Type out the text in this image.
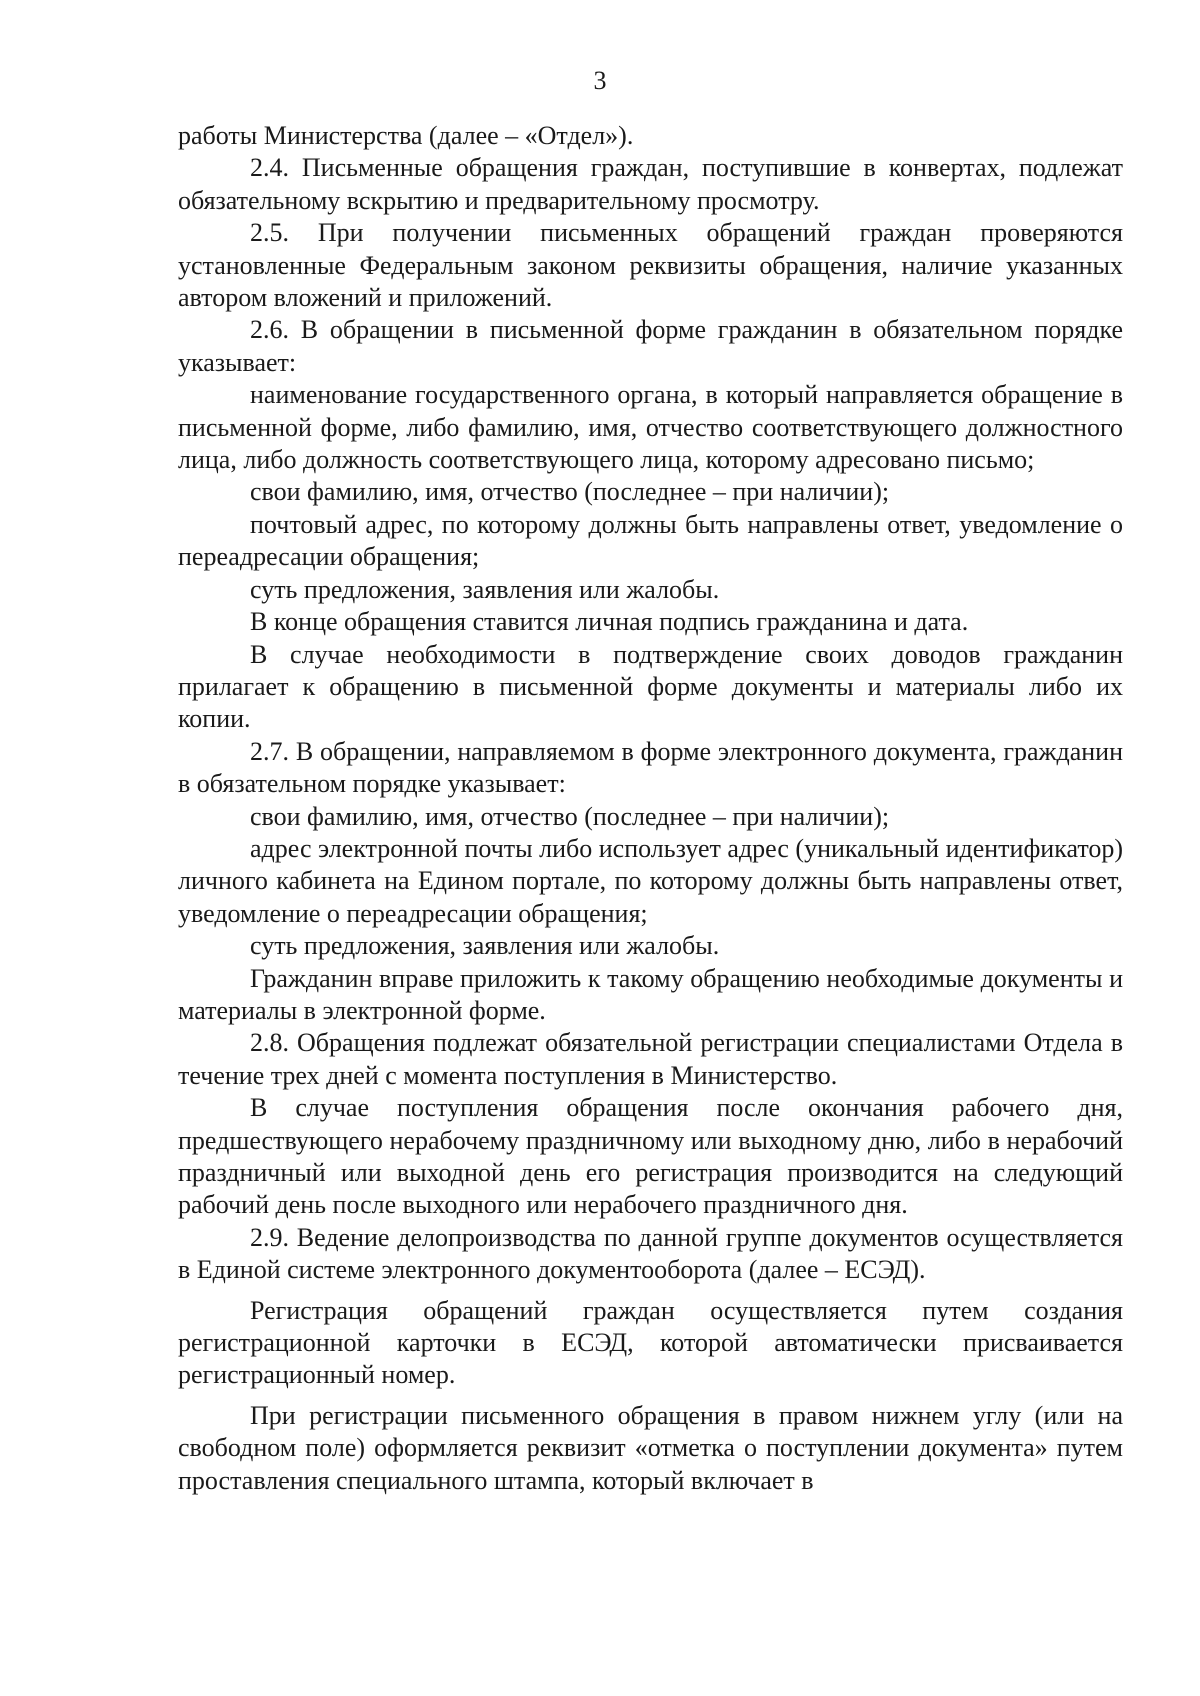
3

работы Министерства (далее – «Отдел»).

2.4. Письменные обращения граждан, поступившие в конвертах, подлежат обязательному вскрытию и предварительному просмотру.

2.5. При получении письменных обращений граждан проверяются установленные Федеральным законом реквизиты обращения, наличие указанных автором вложений и приложений.

2.6. В обращении в письменной форме гражданин в обязательном порядке указывает:

наименование государственного органа, в который направляется обращение в письменной форме, либо фамилию, имя, отчество соответствующего должностного лица, либо должность соответствующего лица, которому адресовано письмо;

свои фамилию, имя, отчество (последнее – при наличии);

почтовый адрес, по которому должны быть направлены ответ, уведомление о переадресации обращения;

суть предложения, заявления или жалобы.

В конце обращения ставится личная подпись гражданина и дата.

В случае необходимости в подтверждение своих доводов гражданин прилагает к обращению в письменной форме документы и материалы либо их копии.

2.7. В обращении, направляемом в форме электронного документа, гражданин в обязательном порядке указывает:

свои фамилию, имя, отчество (последнее – при наличии);

адрес электронной почты либо использует адрес (уникальный идентификатор) личного кабинета на Едином портале, по которому должны быть направлены ответ, уведомление о переадресации обращения;

суть предложения, заявления или жалобы.

Гражданин вправе приложить к такому обращению необходимые документы и материалы в электронной форме.

2.8. Обращения подлежат обязательной регистрации специалистами Отдела в течение трех дней с момента поступления в Министерство.

В случае поступления обращения после окончания рабочего дня, предшествующего нерабочему праздничному или выходному дню, либо в нерабочий праздничный или выходной день его регистрация производится на следующий рабочий день после выходного или нерабочего праздничного дня.

2.9. Ведение делопроизводства по данной группе документов осуществляется в Единой системе электронного документооборота (далее – ЕСЭД).

Регистрация обращений граждан осуществляется путем создания регистрационной карточки в ЕСЭД, которой автоматически присваивается регистрационный номер.

При регистрации письменного обращения в правом нижнем углу (или на свободном поле) оформляется реквизит «отметка о поступлении документа» путем проставления специального штампа, который включает в
